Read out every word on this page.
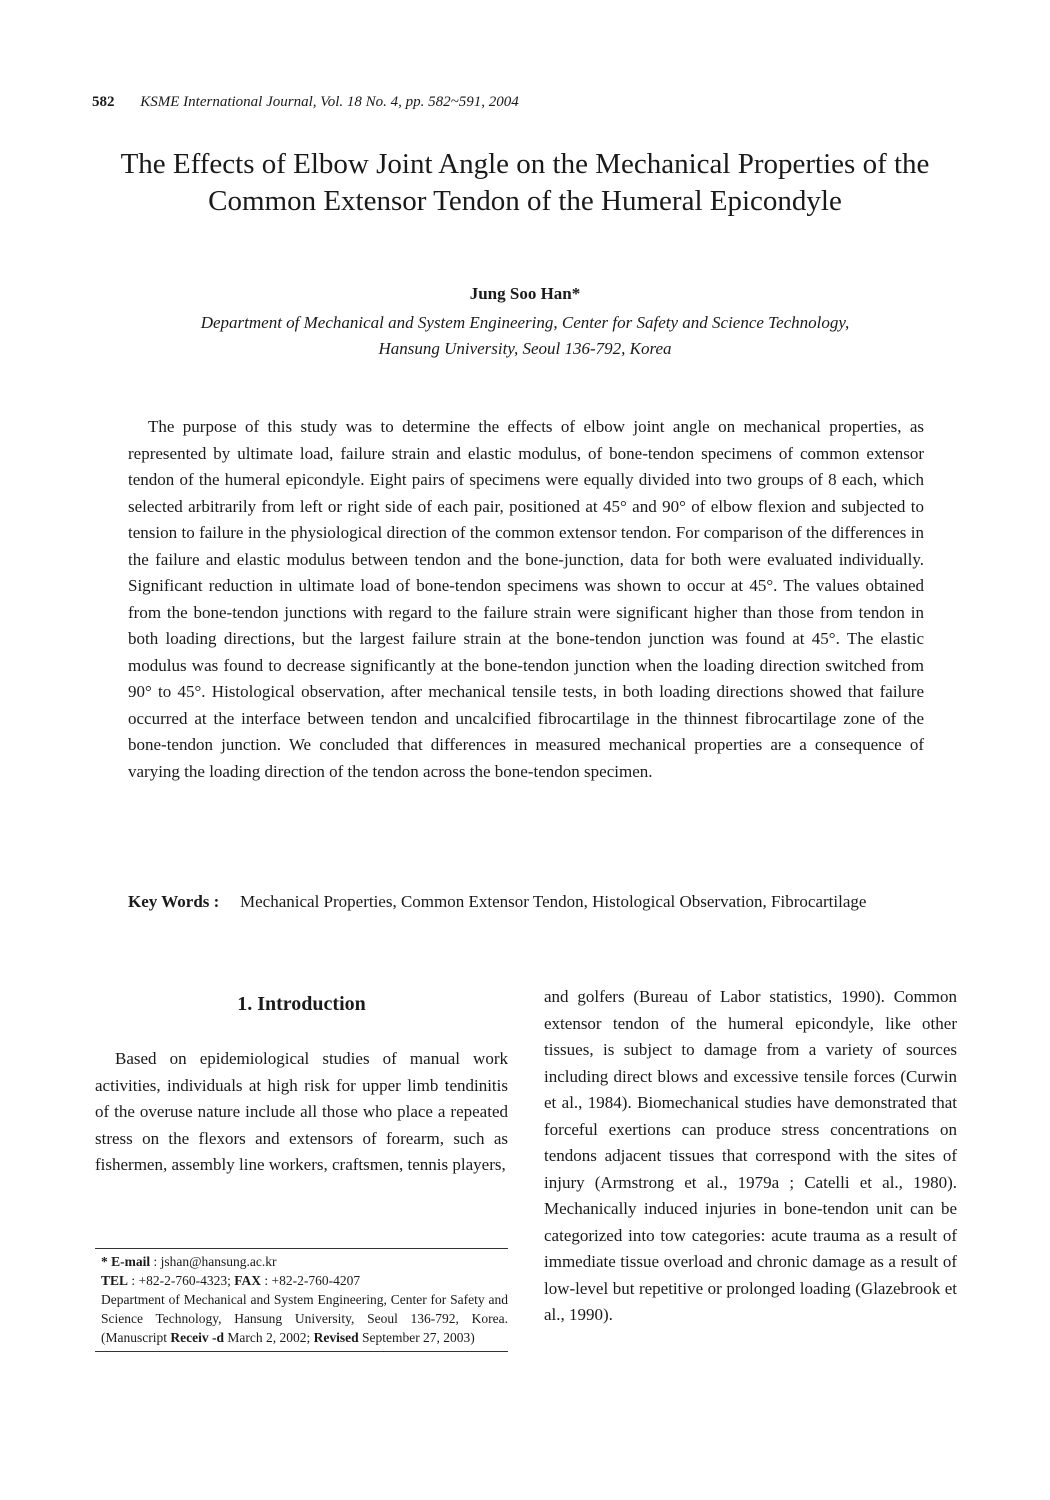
582 KSME International Journal, Vol. 18 No. 4, pp. 582~591, 2004
The Effects of Elbow Joint Angle on the Mechanical Properties of the Common Extensor Tendon of the Humeral Epicondyle
Jung Soo Han*
Department of Mechanical and System Engineering, Center for Safety and Science Technology,
Hansung University, Seoul 136-792, Korea

The purpose of this study was to determine the effects of elbow joint angle on mechanical properties, as represented by ultimate load, failure strain and elastic modulus, of bone-tendon specimens of common extensor tendon of the humeral epicondyle. Eight pairs of specimens were equally divided into two groups of 8 each, which selected arbitrarily from left or right side of each pair, positioned at 45° and 90° of elbow flexion and subjected to tension to failure in the physiological direction of the common extensor tendon. For comparison of the differences in the failure and elastic modulus between tendon and the bone-junction, data for both were evaluated individually. Significant reduction in ultimate load of bone-tendon specimens was shown to occur at 45°. The values obtained from the bone-tendon junctions with regard to the failure strain were significant higher than those from tendon in both loading directions, but the largest failure strain at the bone-tendon junction was found at 45°. The elastic modulus was found to decrease significantly at the bone-tendon junction when the loading direction switched from 90° to 45°. Histological observation, after mechanical tensile tests, in both loading directions showed that failure occurred at the interface between tendon and uncalcified fibrocartilage in the thinnest fibrocartilage zone of the bone-tendon junction. We concluded that differences in measured mechanical properties are a consequence of varying the loading direction of the tendon across the bone-tendon specimen.

Key Words : Mechanical Properties, Common Extensor Tendon, Histological Observation, Fibrocartilage
1. Introduction

Based on epidemiological studies of manual work activities, individuals at high risk for upper limb tendinitis of the overuse nature include all those who place a repeated stress on the flexors and extensors of forearm, such as fishermen, assembly line workers, craftsmen, tennis players,

* E-mail : jshan@hansung.ac.kr
TEL : +82-2-760-4323; FAX : +82-2-760-4207
Department of Mechanical and System Engineering, Center for Safety and Science Technology, Hansung University, Seoul 136-792, Korea. (Manuscript Receiv -d March 2, 2002; Revised September 27, 2003)

and golfers (Bureau of Labor statistics, 1990). Common extensor tendon of the humeral epicondyle, like other tissues, is subject to damage from a variety of sources including direct blows and excessive tensile forces (Curwin et al., 1984). Biomechanical studies have demonstrated that forceful exertions can produce stress concentrations on tendons adjacent tissues that correspond with the sites of injury (Armstrong et al., 1979a ; Catelli et al., 1980). Mechanically induced injuries in bone-tendon unit can be categorized into tow categories: acute trauma as a result of immediate tissue overload and chronic damage as a result of low-level but repetitive or prolonged loading (Glazebrook et al., 1990).
